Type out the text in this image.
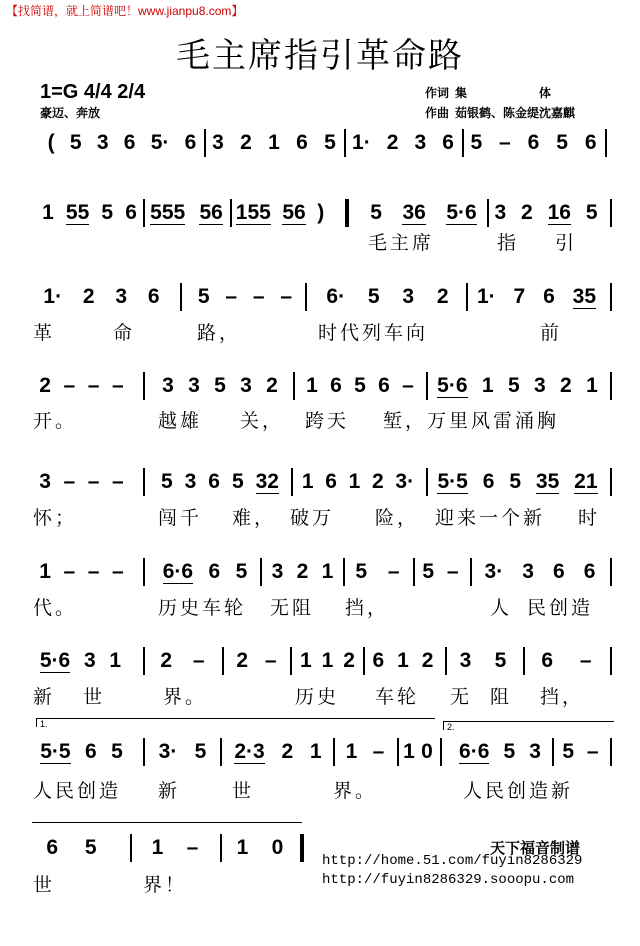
【找简谱，就上简谱吧！www.jianpu8.com】
毛主席指引革命路
1=G 4/4 2/4
豪迈、奔放
作词 集　　　　　　体
作曲 茹银鹤、陈金缇沈嘉麒
( 5 3 6 5· 6 3 2 1 6 5 1· 2 3 6 5 – 6 5 6
1 55 5 6 555 56 155 56 ) 5 36 5·6 3 2 16 5
毛主席	指 引
1· 2 3 6 5 – – – 6· 5 3 2 1· 7 6 35
革	命	路，	时代列车向	前
2 – – – 3 3 5 3 2 1 6 5 6 – 5·6 1 5 3 2 1
开。	越雄 关， 跨天 堑，万里风雷涌胸
3 – – – 5 3 6 5 32 1 6 1 2 3· 5·5 6 5 35 21
怀；	闯千 难， 破万 险， 迎来一个新 时
1 – – – 6·6 6 5 3 2 1 5 – 5 – 3· 3 6 6
代。	历史车轮 无阻 挡，	人 民创造
5·6 3 1 2 – 2 – 1 1 2 6 1 2 3 5 6 –
新 世	界。	历史 车轮 无 阻 挡，
5·5 6 5 3· 5 2·3 2 1 1 – 1 0 6·6 5 3 5 –
人民创造 新	世	界。	人民创造新
6 5	1 – 1 0
世	界！
1.	2.
天下福音制谱
http://home.51.com/fuyin8286329
http://fuyin8286329.sooopu.com
